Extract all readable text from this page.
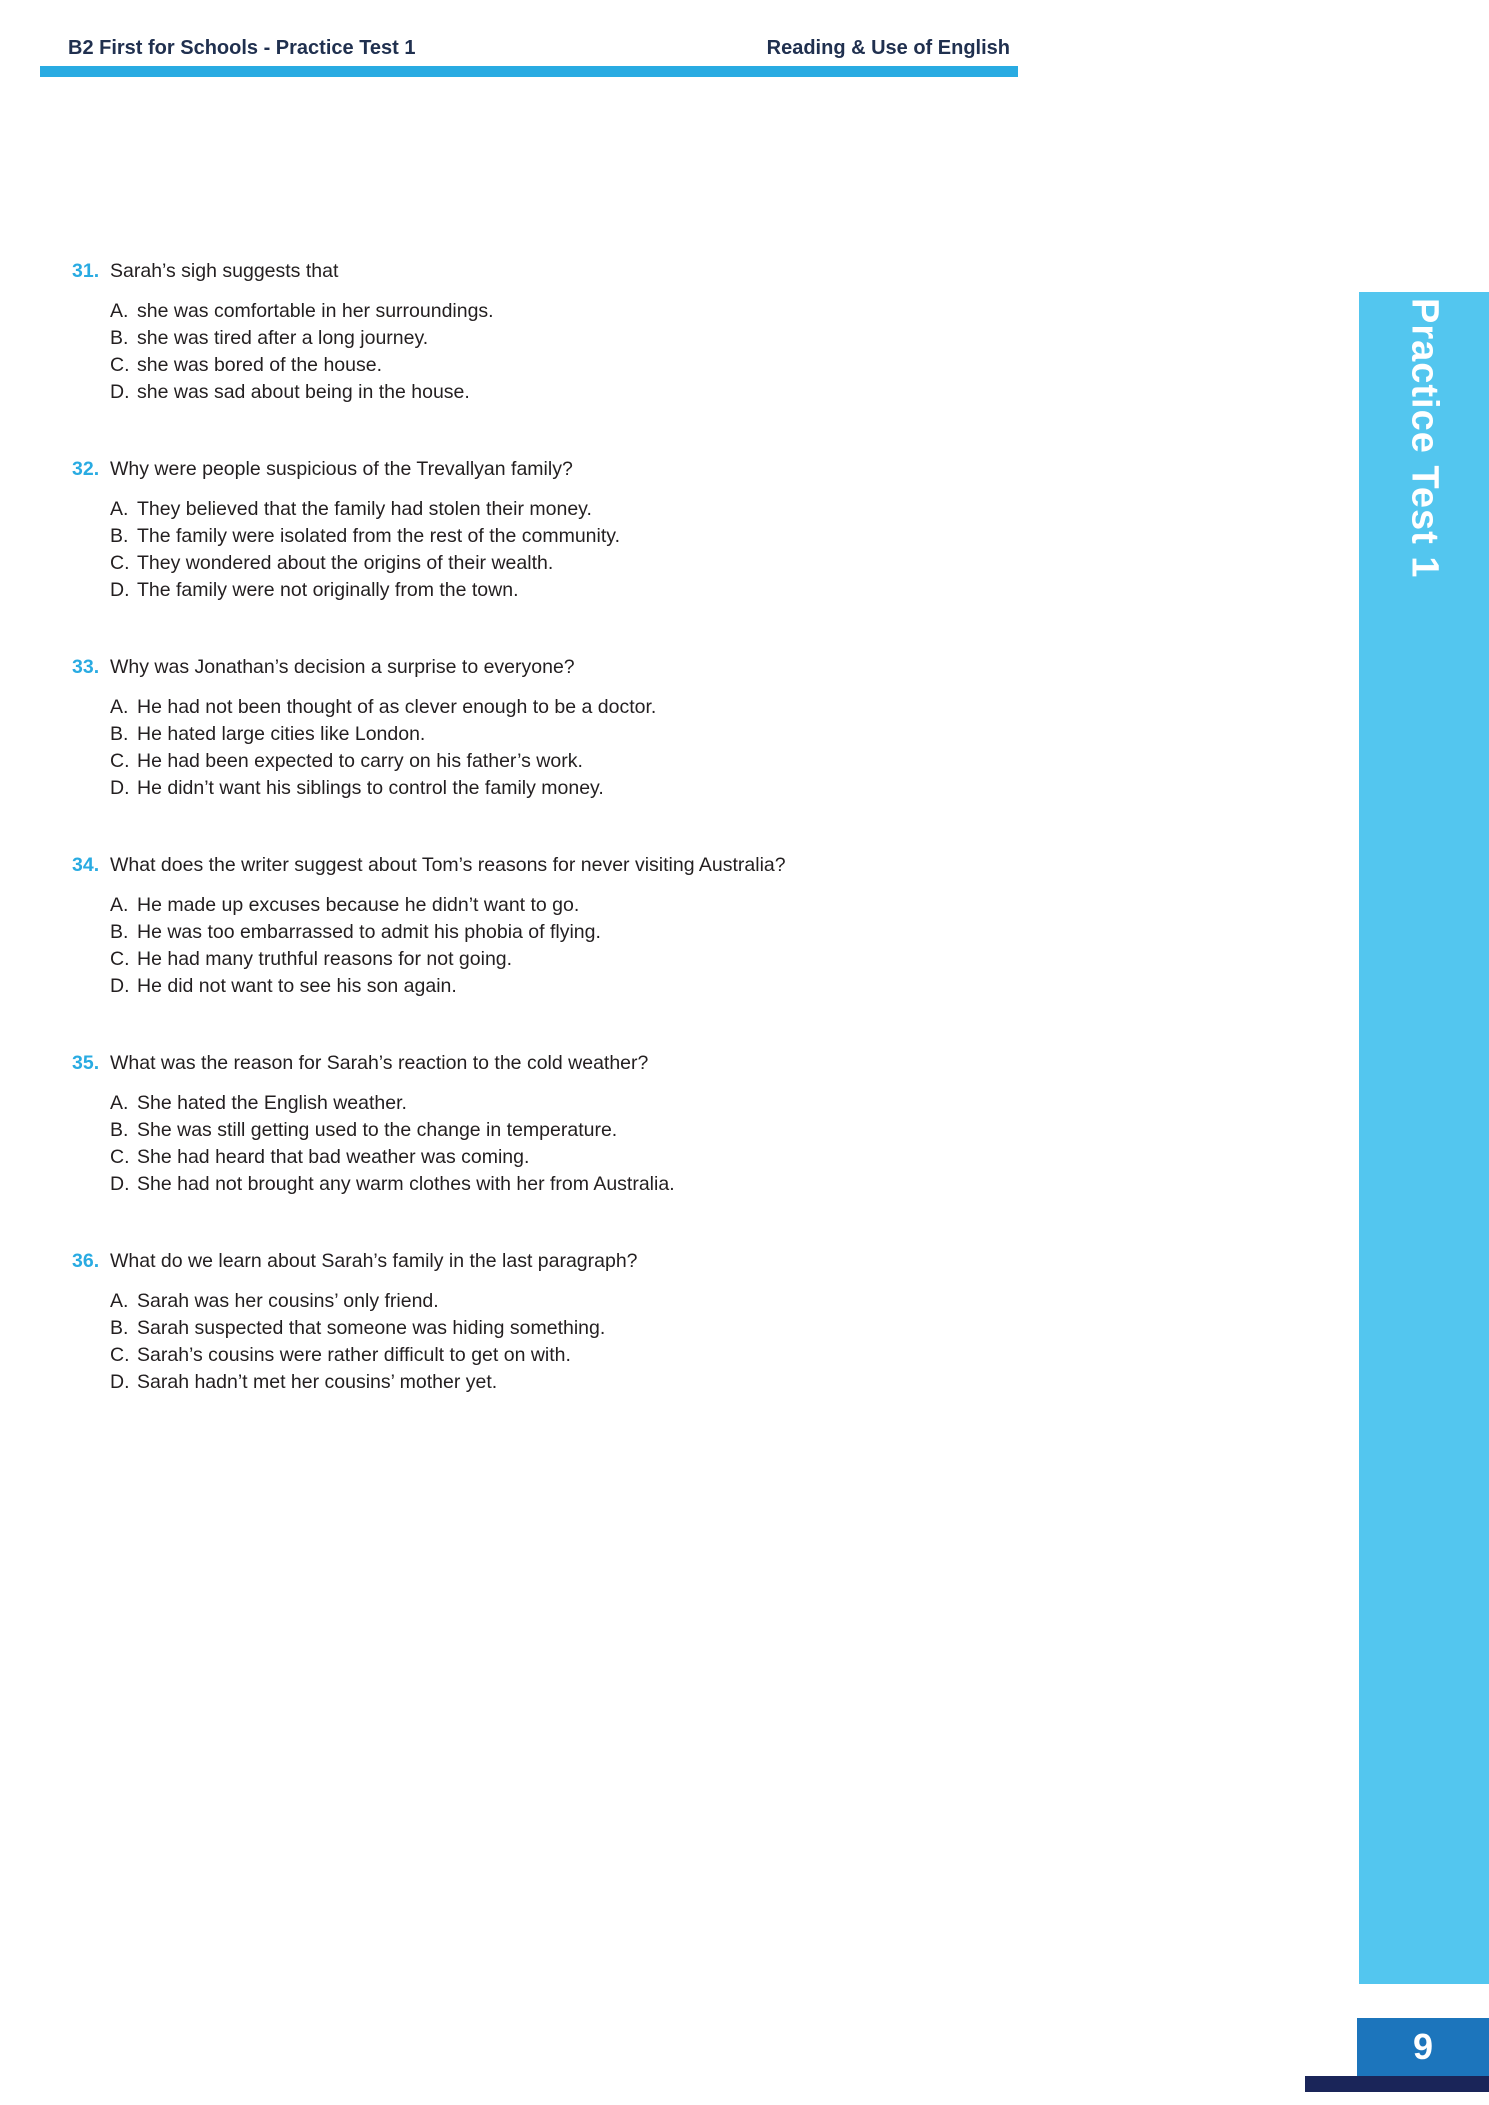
B2 First for Schools - Practice Test 1	Reading & Use of English
31. Sarah’s sigh suggests that
A. she was comfortable in her surroundings.
B. she was tired after a long journey.
C. she was bored of the house.
D. she was sad about being in the house.
32. Why were people suspicious of the Trevallyan family?
A. They believed that the family had stolen their money.
B. The family were isolated from the rest of the community.
C. They wondered about the origins of their wealth.
D. The family were not originally from the town.
33. Why was Jonathan’s decision a surprise to everyone?
A. He had not been thought of as clever enough to be a doctor.
B. He hated large cities like London.
C. He had been expected to carry on his father’s work.
D. He didn’t want his siblings to control the family money.
34. What does the writer suggest about Tom’s reasons for never visiting Australia?
A. He made up excuses because he didn’t want to go.
B. He was too embarrassed to admit his phobia of flying.
C. He had many truthful reasons for not going.
D. He did not want to see his son again.
35. What was the reason for Sarah’s reaction to the cold weather?
A. She hated the English weather.
B. She was still getting used to the change in temperature.
C. She had heard that bad weather was coming.
D. She had not brought any warm clothes with her from Australia.
36. What do we learn about Sarah’s family in the last paragraph?
A. Sarah was her cousins’ only friend.
B. Sarah suspected that someone was hiding something.
C. Sarah’s cousins were rather difficult to get on with.
D. Sarah hadn’t met her cousins’ mother yet.
Practice Test 1
9
